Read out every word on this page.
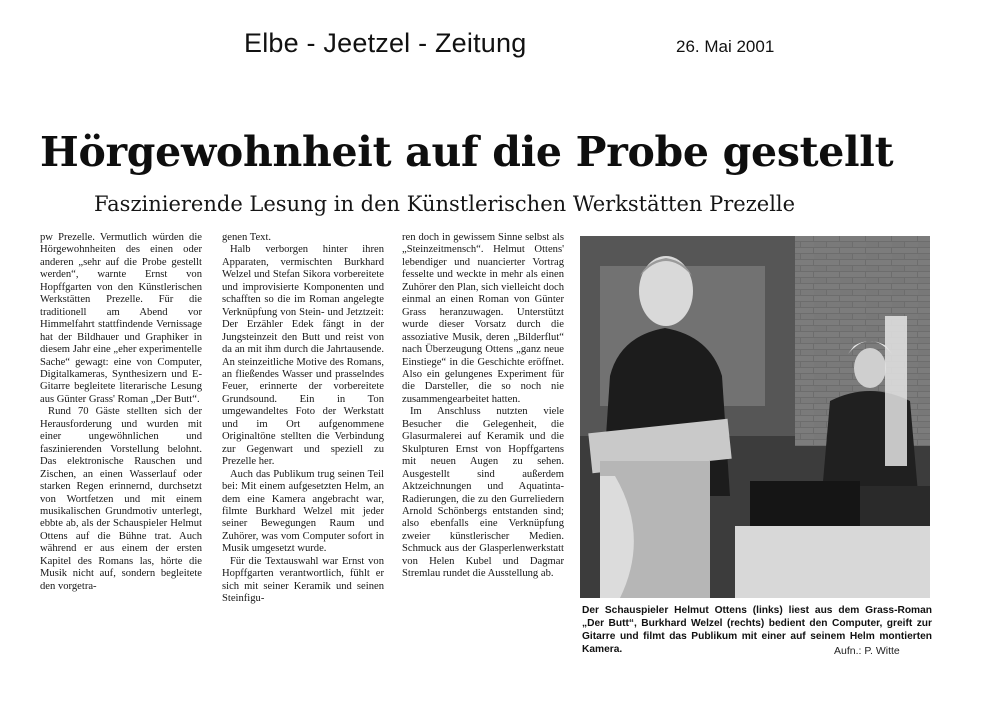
Elbe - Jeetzel - Zeitung	26. Mai 2001
Hörgewohnheit auf die Probe gestellt
Faszinierende Lesung in den Künstlerischen Werkstätten Prezelle

pw Prezelle. Vermutlich würden die Hörgewohnheiten des einen oder anderen „sehr auf die Probe gestellt werden“, warnte Ernst von Hopffgarten von den Künstlerischen Werkstätten Prezelle. Für die traditionell am Abend vor Himmelfahrt stattfindende Vernissage hat der Bildhauer und Graphiker in diesem Jahr eine „eher experimentelle Sache“ gewagt: eine von Computer, Digitalkameras, Synthesizern und E-Gitarre begleitete literarische Lesung aus Günter Grass' Roman „Der Butt“.

Rund 70 Gäste stellten sich der Herausforderung und wurden mit einer ungewöhnlichen und faszinierenden Vorstellung belohnt. Das elektronische Rauschen und Zischen, an einen Wasserlauf oder starken Regen erinnernd, durchsetzt von Wortfetzen und mit einem musikalischen Grundmotiv unterlegt, ebbte ab, als der Schauspieler Helmut Ottens auf die Bühne trat. Auch während er aus einem der ersten Kapitel des Romans las, hörte die Musik nicht auf, sondern begleitete den vorgetra-

genen Text.

Halb verborgen hinter ihren Apparaten, vermischten Burkhard Welzel und Stefan Sikora vorbereitete und improvisierte Komponenten und schafften so die im Roman angelegte Verknüpfung von Stein- und Jetztzeit: Der Erzähler Edek fängt in der Jungsteinzeit den Butt und reist von da an mit ihm durch die Jahrtausende. An steinzeitliche Motive des Romans, an fließendes Wasser und prasselndes Feuer, erinnerte der vorbereitete Grundsound. Ein in Ton umgewandeltes Foto der Werkstatt und im Ort aufgenommene Originaltöne stellten die Verbindung zur Gegenwart und speziell zu Prezelle her.

Auch das Publikum trug seinen Teil bei: Mit einem aufgesetzten Helm, an dem eine Kamera angebracht war, filmte Burkhard Welzel mit jeder seiner Bewegungen Raum und Zuhörer, was vom Computer sofort in Musik umgesetzt wurde.

Für die Textauswahl war Ernst von Hopffgarten verantwortlich, fühlt er sich mit seiner Keramik und seinen Steinfigu-

ren doch in gewissem Sinne selbst als „Steinzeitmensch“. Helmut Ottens' lebendiger und nuancierter Vortrag fesselte und weckte in mehr als einen Zuhörer den Plan, sich vielleicht doch einmal an einen Roman von Günter Grass heranzuwagen. Unterstützt wurde dieser Vorsatz durch die assoziative Musik, deren „Bilderflut“ nach Überzeugung Ottens „ganz neue Einstiege“ in die Geschichte eröffnet. Also ein gelungenes Experiment für die Darsteller, die so noch nie zusammengearbeitet hatten.

Im Anschluss nutzten viele Besucher die Gelegenheit, die Glasurmalerei auf Keramik und die Skulpturen Ernst von Hopffgartens mit neuen Augen zu sehen. Ausgestellt sind außerdem Aktzeichnungen und Aquatinta-Radierungen, die zu den Gurreliedern Arnold Schönbergs entstanden sind; also ebenfalls eine Verknüpfung zweier künstlerischer Medien. Schmuck aus der Glasperlenwerkstatt von Helen Kubel und Dagmar Stremlau rundet die Ausstellung ab.

Der Schauspieler Helmut Ottens (links) liest aus dem Grass-Roman „Der Butt“, Burkhard Welzel (rechts) bedient den Computer, greift zur Gitarre und filmt das Publikum mit einer auf seinem Helm montierten Kamera.	Aufn.: P. Witte
